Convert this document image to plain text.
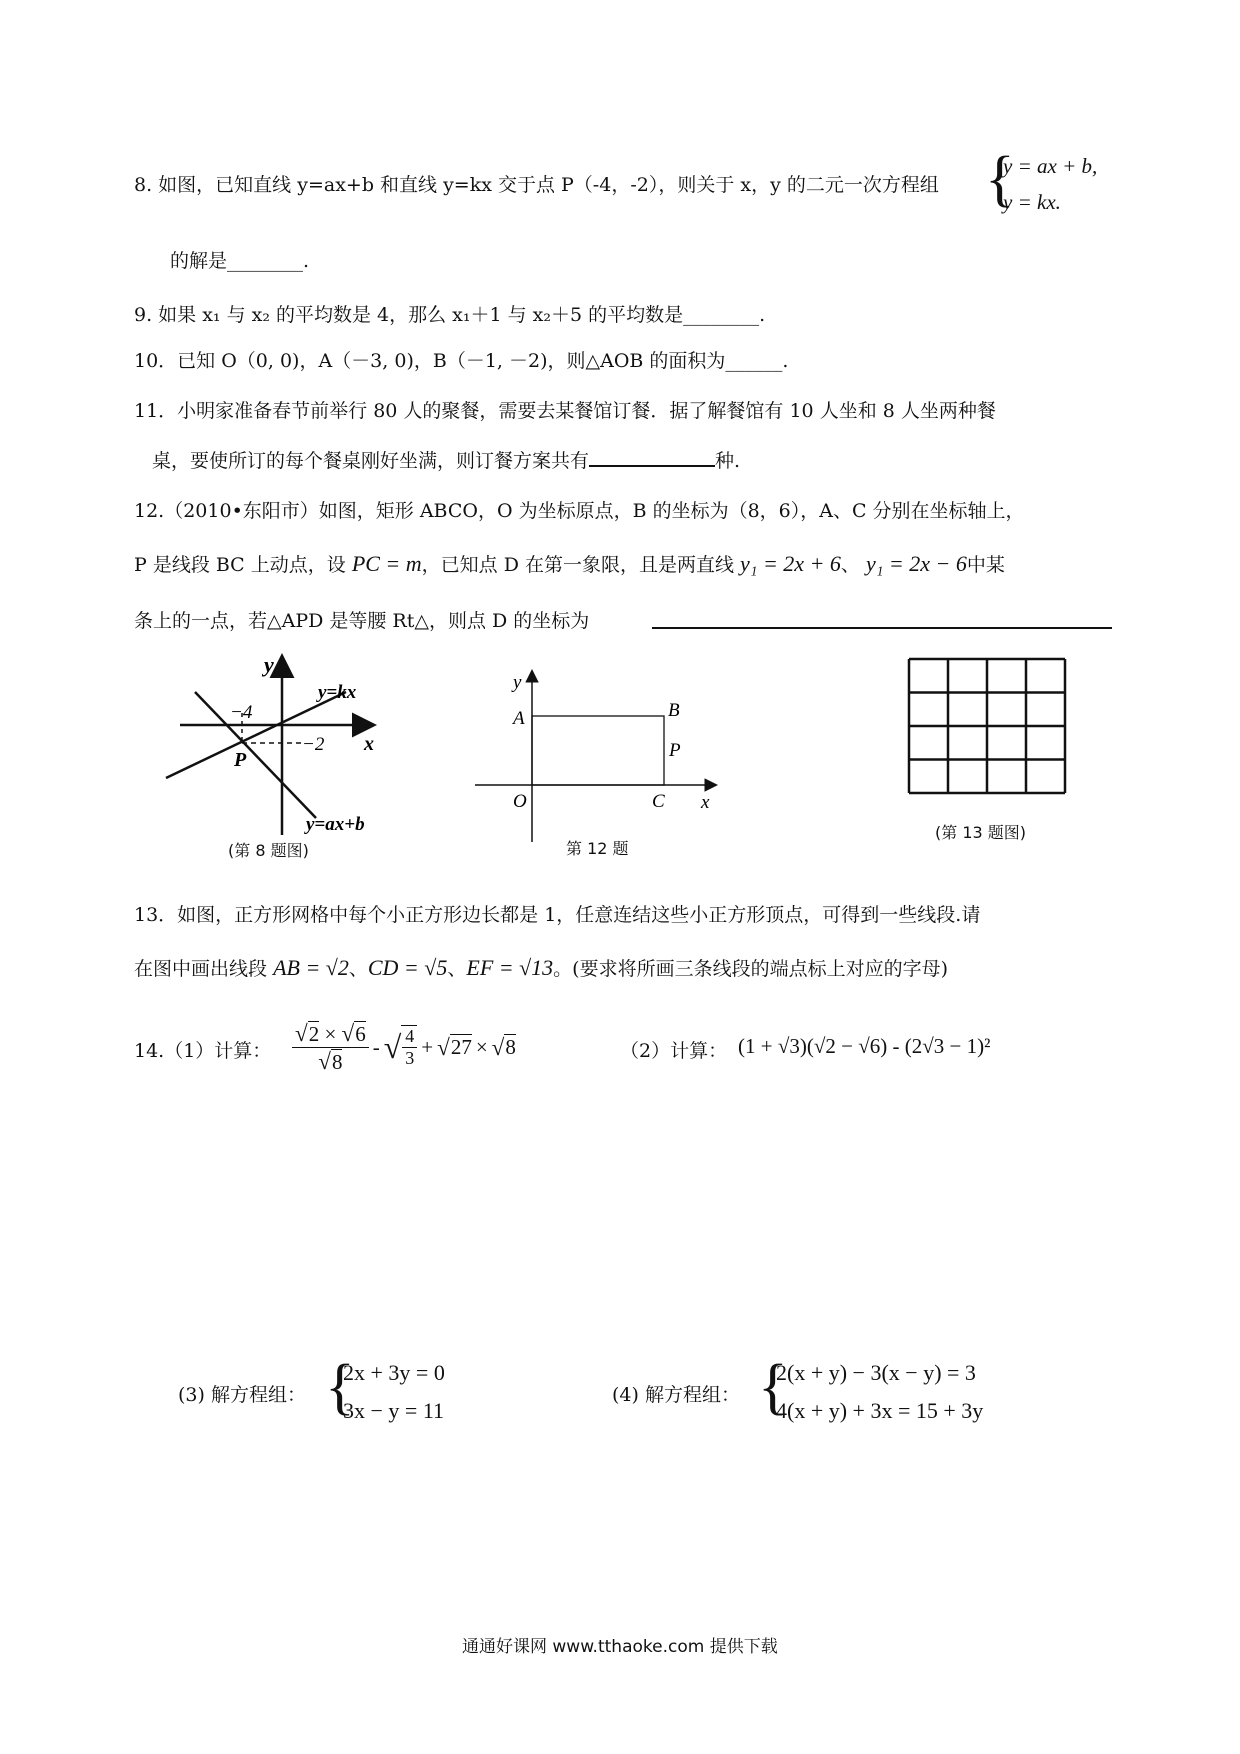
8. 如图，已知直线 y=ax+b 和直线 y=kx 交于点 P（-4，-2），则关于 x，y 的二元一次方程组 {
y = ax + b,
y = kx.
的解是________.
9. 如果 x₁ 与 x₂ 的平均数是 4，那么 x₁＋1 与 x₂＋5 的平均数是________.
10．已知 O（0, 0)，A（－3, 0)，B（－1, －2)，则△AOB 的面积为______.
11．小明家准备春节前举行 80 人的聚餐，需要去某餐馆订餐．据了解餐馆有 10 人坐和 8 人坐两种餐
桌，要使所订的每个餐桌刚好坐满，则订餐方案共有	种.
12.（2010•东阳市）如图，矩形 ABCO，O 为坐标原点，B 的坐标为（8，6），A、C 分别在坐标轴上，
P 是线段 BC 上动点，设 PC = m，已知点 D 在第一象限，且是两直线 y₁ = 2x + 6、 y₁ = 2x − 6中某
条上的一点，若△APD 是等腰 Rt△，则点 D 的坐标为
y
x
y=kx
y=ax+b
−4
−2
P
(第 8 题图)
y
x
A	B
P
O	C
第 12 题
(第 13 题图)
13．如图，正方形网格中每个小正方形边长都是 1，任意连结这些小正方形顶点，可得到一些线段.请
在图中画出线段 AB = √2、CD = √5、EF = √13。(要求将所画三条线段的端点标上对应的字母)
14.（1）计算： $\frac{√2 \times √6}{√8}$ - √ $\frac{4}{3}$ + √ 27 × √ 8	（2）计算： (1 + √3)(√2 − √6) - (2√3 − 1)²
(3) 解方程组： {
2x + 3y = 0
3x − y = 11
(4) 解方程组： {
2(x + y) − 3(x − y) = 3
4(x + y) + 3x = 15 + 3y
通通好课网 www.tthaoke.com 提供下载
